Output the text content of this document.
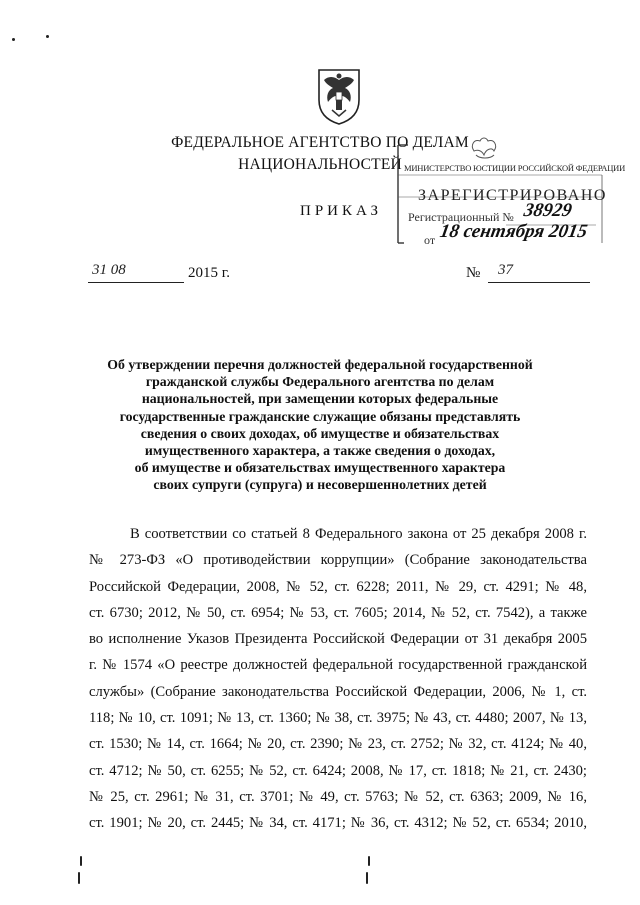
ФЕДЕРАЛЬНОЕ АГЕНТСТВО ПО ДЕЛАМ
НАЦИОНАЛЬНОСТЕЙ
ПРИКАЗ
МИНИСТЕРСТВО ЮСТИЦИИ РОССИЙСКОЙ ФЕДЕРАЦИИ
ЗАРЕГИСТРИРОВАНО
Регистрационный № 38929
от 18 сентября 2015
31 08	2015 г.	№ 37
Об утверждении перечня должностей федеральной государственной
гражданской службы Федерального агентства по делам
национальностей, при замещении которых федеральные
государственные гражданские служащие обязаны представлять
сведения о своих доходах, об имуществе и обязательствах
имущественного характера, а также сведения о доходах,
об имуществе и обязательствах имущественного характера
своих супруги (супруга) и несовершеннолетних детей
В соответствии со статьей 8 Федерального закона от 25 декабря 2008 г.
№ 273-ФЗ «О противодействии коррупции» (Собрание законодательства
Российской Федерации, 2008, № 52, ст. 6228; 2011, № 29, ст. 4291; № 48,
ст. 6730; 2012, № 50, ст. 6954; № 53, ст. 7605; 2014, № 52, ст. 7542), а также
во исполнение Указов Президента Российской Федерации от 31 декабря 2005
г. № 1574 «О реестре должностей федеральной государственной гражданской
службы» (Собрание законодательства Российской Федерации, 2006, № 1, ст.
118; № 10, ст. 1091; № 13, ст. 1360; № 38, ст. 3975; № 43, ст. 4480; 2007, № 13,
ст. 1530; № 14, ст. 1664; № 20, ст. 2390; № 23, ст. 2752; № 32, ст. 4124; № 40,
ст. 4712; № 50, ст. 6255; № 52, ст. 6424; 2008, № 17, ст. 1818; № 21, ст. 2430;
№ 25, ст. 2961; № 31, ст. 3701; № 49, ст. 5763; № 52, ст. 6363; 2009, № 16,
ст. 1901; № 20, ст. 2445; № 34, ст. 4171; № 36, ст. 4312; № 52, ст. 6534; 2010,
